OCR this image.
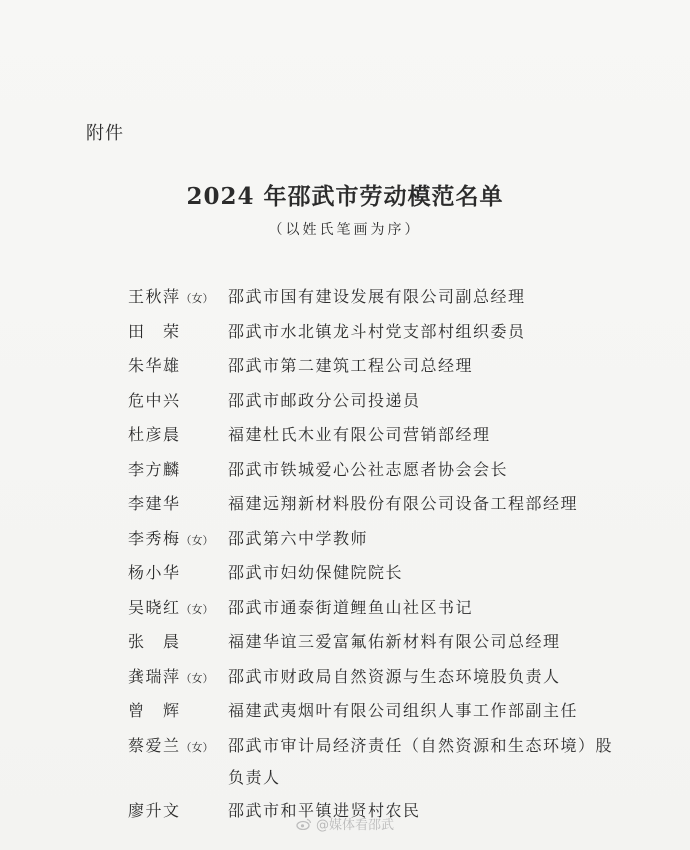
附件
2024 年邵武市劳动模范名单
（以姓氏笔画为序）
王秋萍（女） 邵武市国有建设发展有限公司副总经理
田　荣	邵武市水北镇龙斗村党支部村组织委员
朱华雄	邵武市第二建筑工程公司总经理
危中兴	邵武市邮政分公司投递员
杜彦晨	福建杜氏木业有限公司营销部经理
李方麟	邵武市铁城爱心公社志愿者协会会长
李建华	福建远翔新材料股份有限公司设备工程部经理
李秀梅（女） 邵武第六中学教师
杨小华	邵武市妇幼保健院院长
吴晓红（女） 邵武市通泰街道鲤鱼山社区书记
张　晨	福建华谊三爱富氟佑新材料有限公司总经理
龚瑞萍（女） 邵武市财政局自然资源与生态环境股负责人
曾　辉	福建武夷烟叶有限公司组织人事工作部副主任
蔡爱兰（女） 邵武市审计局经济责任（自然资源和生态环境）股
负责人
廖升文	邵武市和平镇进贤村农民
@媒体看邵武
